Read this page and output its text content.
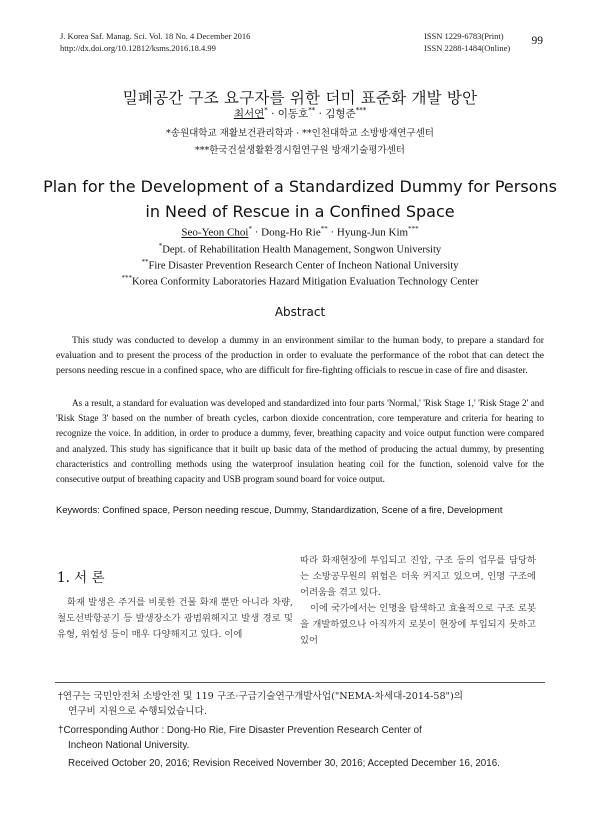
J. Korea Saf. Manag. Sci. Vol. 18 No. 4 December 2016
http://dx.doi.org/10.12812/ksms.2016.18.4.99
ISSN 1229-6783(Print)
ISSN 2288-1484(Online)
99
밀폐공간 구조 요구자를 위한 더미 표준화 개발 방안
최서연* · 이동호** · 김형준***
*송원대학교 재활보건관리학과 · **인천대학교 소방방재연구센터
***한국건설생활환경시험연구원 방재기술평가센터
Plan for the Development of a Standardized Dummy for Persons
in Need of Rescue in a Confined Space
Seo-Yeon Choi* · Dong-Ho Rie** · Hyung-Jun Kim***
*Dept. of Rehabilitation Health Management, Songwon University
**Fire Disaster Prevention Research Center of Incheon National University
***Korea Conformity Laboratories Hazard Mitigation Evaluation Technology Center
Abstract

This study was conducted to develop a dummy in an environment similar to the human body, to prepare a standard for evaluation and to present the process of the production in order to evaluate the performance of the robot that can detect the persons needing rescue in a confined space, who are difficult for fire-fighting officials to rescue in case of fire and disaster.

As a result, a standard for evaluation was developed and standardized into four parts 'Normal,' 'Risk Stage 1,' 'Risk Stage 2' and 'Risk Stage 3' based on the number of breath cycles, carbon dioxide concentration, core temperature and criteria for hearing to recognize the voice. In addition, in order to produce a dummy, fever, breathing capacity and voice output function were compared and analyzed. This study has significance that it built up basic data of the method of producing the actual dummy, by presenting characteristics and controlling methods using the waterproof insulation heating coil for the function, solenoid valve for the consecutive output of breathing capacity and USB program sound board for voice output.

Keywords: Confined space, Person needing rescue, Dummy, Standardization, Scene of a fire, Development
1. 서 론

화재 발생은 주거를 비롯한 건물 화재 뿐만 아니라 차량, 철도선박항공기 등 발생장소가 광범위해지고 발생 경로 및 유형, 위험성 등이 매우 다양해지고 있다. 이에

따라 화재현장에 투입되고 진압, 구조 등의 업무를 담당하는 소방공무원의 위험은 더욱 커지고 있으며, 인명 구조에 어려움을 겪고 있다.

이에 국가에서는 인명을 탐색하고 효율적으로 구조 로봇을 개발하였으나 아직까지 로봇이 현장에 투입되지 못하고 있어

†연구는 국민안전처 소방안전 및 119 구조·구급기술연구개발사업("NEMA-차세대-2014-58")의
연구비 지원으로 수행되었습니다.
†Corresponding Author : Dong-Ho Rie, Fire Disaster Prevention Research Center of
Incheon National University.
Received October 20, 2016; Revision Received November 30, 2016; Accepted December 16, 2016.
